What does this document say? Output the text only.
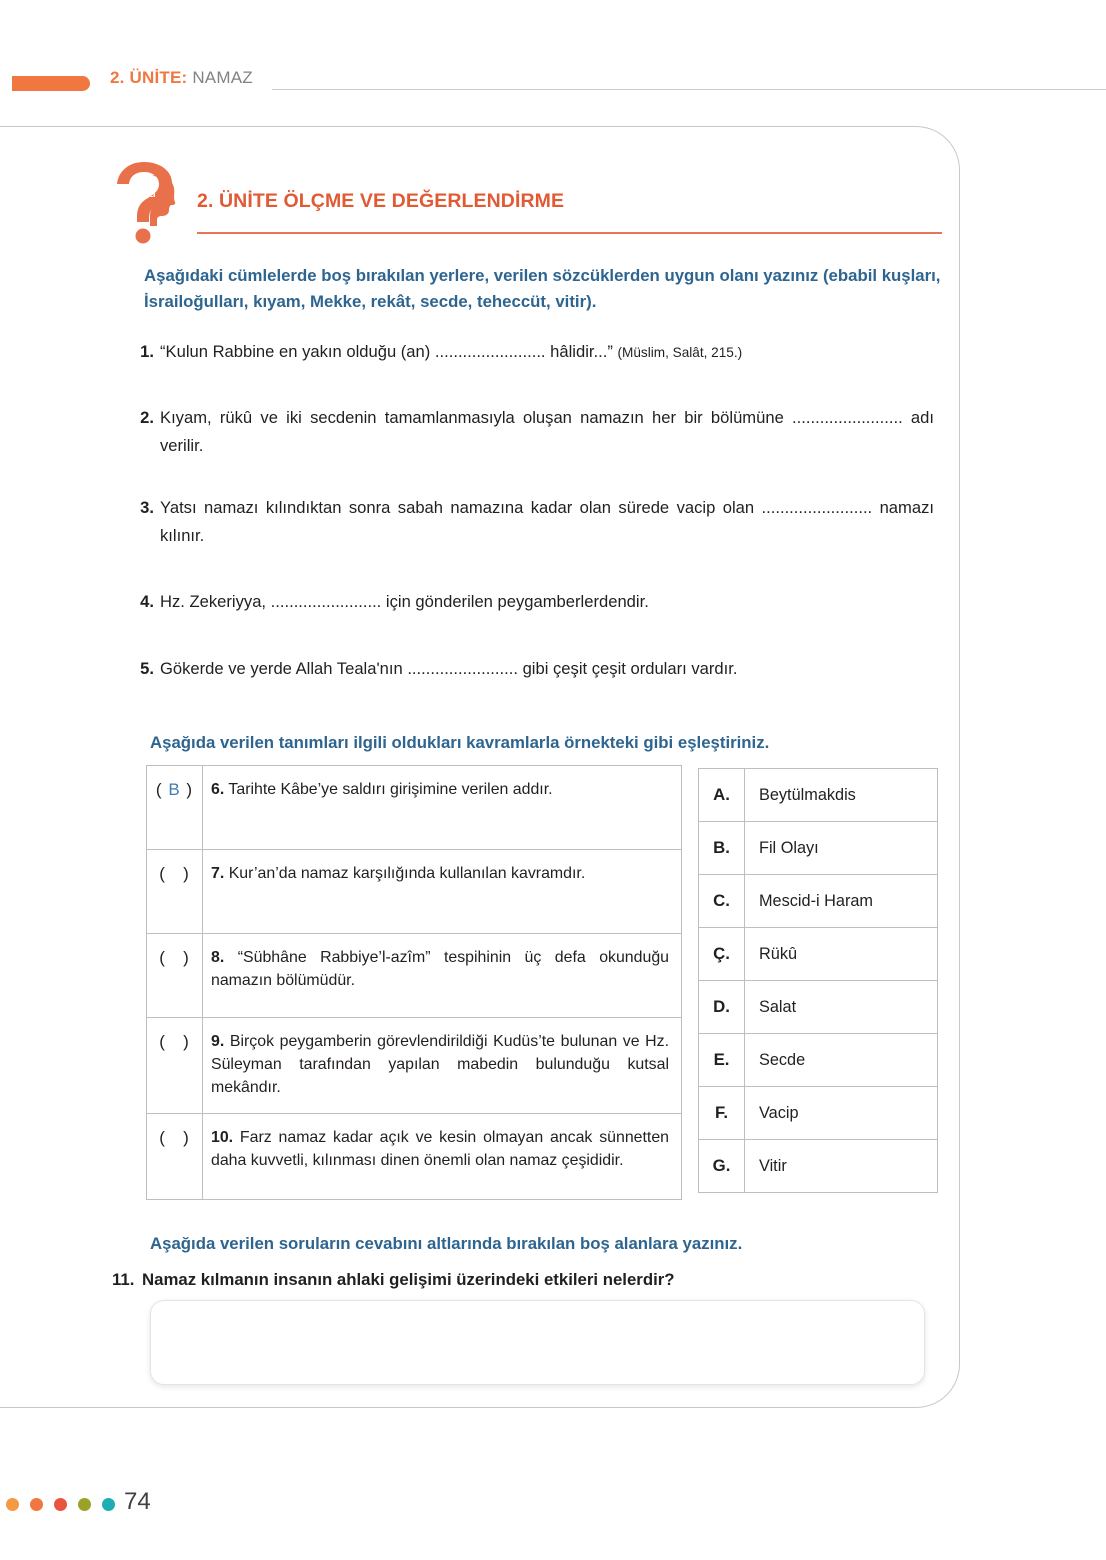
2. ÜNİTE: NAMAZ
ab
cd 2. ÜNİTE ÖLÇME VE DEĞERLENDİRME
Aşağıdaki cümlelerde boş bırakılan yerlere, verilen sözcüklerden uygun olanı yazınız (ebabil kuşları, İsrailoğulları, kıyam, Mekke, rekât, secde, teheccüt, vitir).
1. “Kulun Rabbine en yakın olduğu (an) ........................ hâlidir...” (Müslim, Salât, 215.)
2. Kıyam, rükû ve iki secdenin tamamlanmasıyla oluşan namazın her bir bölümüne ........................ adı verilir.
3. Yatsı namazı kılındıktan sonra sabah namazına kadar olan sürede vacip olan ........................ namazı kılınır.
4. Hz. Zekeriyya, ........................ için gönderilen peygamberlerdendir.
5. Gökerde ve yerde Allah Teala'nın ........................ gibi çeşit çeşit orduları vardır.
Aşağıda verilen tanımları ilgili oldukları kavramlarla örnekteki gibi eşleştiriniz.
( B )	6. Tarihte Kâbe’ye saldırı girişimine verilen addır.
( )	7. Kur’an’da namaz karşılığında kullanılan kavramdır.
( )	8. “Sübhâne Rabbiye’l-azîm” tespihinin üç defa okunduğu namazın bölümüdür.
( )	9. Birçok peygamberin görevlendirildiği Kudüs’te bulunan ve Hz. Süleyman tarafından yapılan mabedin bulunduğu kutsal mekândır.
( )	10. Farz namaz kadar açık ve kesin olmayan ancak sünnetten daha kuvvetli, kılınması dinen önemli olan namaz çeşididir.
A.	Beytülmakdis
B.	Fil Olayı
C.	Mescid-i Haram
Ç.	Rükû
D.	Salat
E.	Secde
F.	Vacip
G.	Vitir
Aşağıda verilen soruların cevabını altlarında bırakılan boş alanlara yazınız.
11. Namaz kılmanın insanın ahlaki gelişimi üzerindeki etkileri nelerdir?
74
